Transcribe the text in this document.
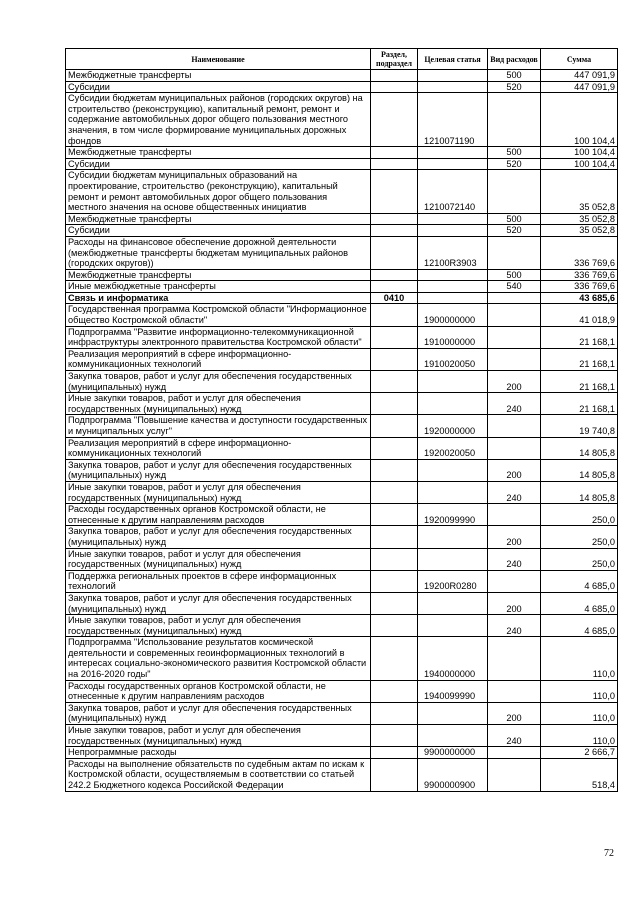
Наименование	Раздел, подраздел	Целевая статья	Вид расходов	Сумма
Межбюджетные трансферты			500	447 091,9
Субсидии			520	447 091,9
Субсидии бюджетам муниципальных районов (городских округов) на строительство (реконструкцию), капитальный ремонт, ремонт и содержание автомобильных дорог общего пользования местного значения, в том числе формирование муниципальных дорожных фондов		1210071190		100 104,4
Межбюджетные трансферты			500	100 104,4
Субсидии			520	100 104,4
Субсидии бюджетам муниципальных образований на проектирование, строительство (реконструкцию), капитальный ремонт и ремонт автомобильных дорог общего пользования местного значения на основе общественных инициатив		1210072140		35 052,8
Межбюджетные трансферты			500	35 052,8
Субсидии			520	35 052,8
Расходы на финансовое обеспечение дорожной деятельности (межбюджетные трансферты бюджетам муниципальных районов (городских округов))		12100R3903		336 769,6
Межбюджетные трансферты			500	336 769,6
Иные межбюджетные трансферты			540	336 769,6
Связь и информатика	0410			43 685,6
Государственная программа Костромской области "Информационное общество Костромской области"		1900000000		41 018,9
Подпрограмма "Развитие информационно-телекоммуникационной инфраструктуры электронного правительства Костромской области"		1910000000		21 168,1
Реализация мероприятий в сфере информационно-коммуникационных технологий		1910020050		21 168,1
Закупка товаров, работ и услуг для обеспечения государственных (муниципальных) нужд			200	21 168,1
Иные закупки товаров, работ и услуг для обеспечения государственных (муниципальных) нужд			240	21 168,1
Подпрограмма "Повышение качества и доступности государственных и муниципальных услуг"		1920000000		19 740,8
Реализация мероприятий в сфере информационно-коммуникационных технологий		1920020050		14 805,8
Закупка товаров, работ и услуг для обеспечения государственных (муниципальных) нужд			200	14 805,8
Иные закупки товаров, работ и услуг для обеспечения государственных (муниципальных) нужд			240	14 805,8
Расходы государственных органов Костромской области, не отнесенные к другим направлениям расходов		1920099990		250,0
Закупка товаров, работ и услуг для обеспечения государственных (муниципальных) нужд			200	250,0
Иные закупки товаров, работ и услуг для обеспечения государственных (муниципальных) нужд			240	250,0
Поддержка региональных проектов в сфере информационных технологий		19200R0280		4 685,0
Закупка товаров, работ и услуг для обеспечения государственных (муниципальных) нужд			200	4 685,0
Иные закупки товаров, работ и услуг для обеспечения государственных (муниципальных) нужд			240	4 685,0
Подпрограмма "Использование результатов космической деятельности и современных геоинформационных технологий в интересах социально-экономического развития Костромской области на 2016-2020 годы"		1940000000		110,0
Расходы государственных органов Костромской области, не отнесенные к другим направлениям расходов		1940099990		110,0
Закупка товаров, работ и услуг для обеспечения государственных (муниципальных) нужд			200	110,0
Иные закупки товаров, работ и услуг для обеспечения государственных (муниципальных) нужд			240	110,0
Непрограммные расходы		9900000000		2 666,7
Расходы на выполнение обязательств по судебным актам по искам к Костромской области, осуществляемым в соответствии со статьей 242.2 Бюджетного кодекса Российской Федерации		9900000900		518,4
72
